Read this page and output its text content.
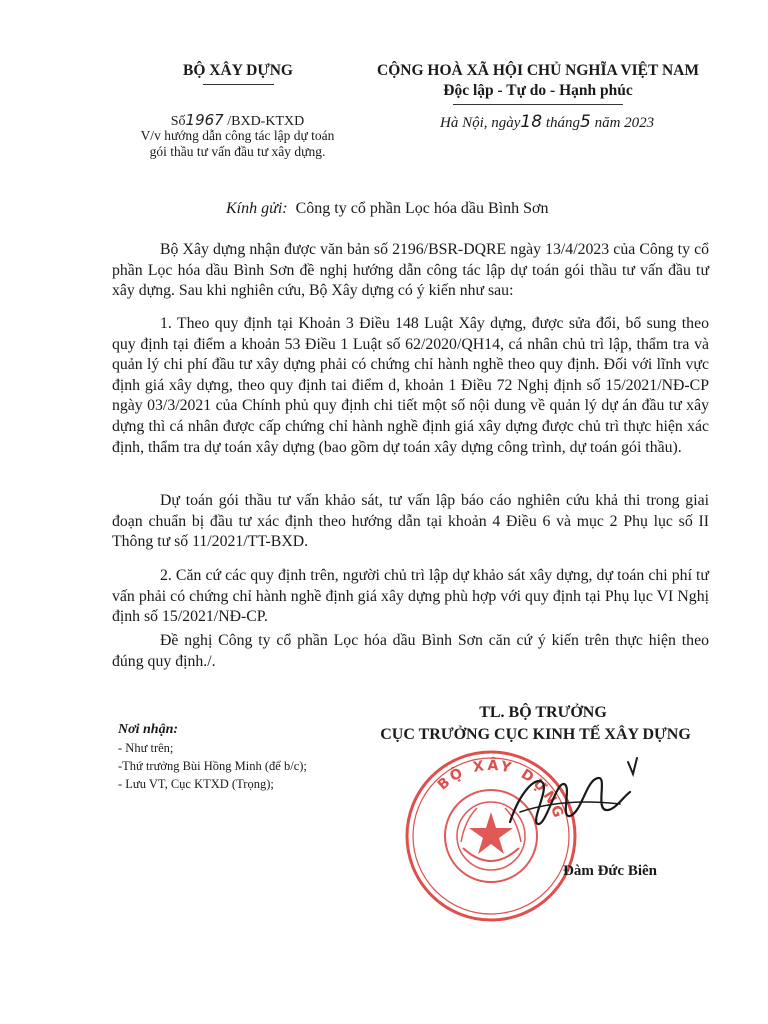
BỘ XÂY DỰNG	CỘNG HOÀ XÃ HỘI CHỦ NGHĨA VIỆT NAM
Độc lập - Tự do - Hạnh phúc
Số1967 /BXD-KTXD
V/v hướng dẫn công tác lập dự toán
gói thầu tư vấn đầu tư xây dựng.
Hà Nội, ngày18 tháng5 năm 2023
Kính gửi: Công ty cổ phần Lọc hóa dầu Bình Sơn
Bộ Xây dựng nhận được văn bản số 2196/BSR-DQRE ngày 13/4/2023 của Công ty cổ phần Lọc hóa dầu Bình Sơn đề nghị hướng dẫn công tác lập dự toán gói thầu tư vấn đầu tư xây dựng. Sau khi nghiên cứu, Bộ Xây dựng có ý kiến như sau:
1. Theo quy định tại Khoản 3 Điều 148 Luật Xây dựng, được sửa đổi, bổ sung theo quy định tại điểm a khoản 53 Điều 1 Luật số 62/2020/QH14, cá nhân chủ trì lập, thẩm tra và quản lý chi phí đầu tư xây dựng phải có chứng chỉ hành nghề theo quy định. Đối với lĩnh vực định giá xây dựng, theo quy định tai điểm d, khoản 1 Điều 72 Nghị định số 15/2021/NĐ-CP ngày 03/3/2021 của Chính phủ quy định chi tiết một số nội dung về quản lý dự án đầu tư xây dựng thì cá nhân được cấp chứng chỉ hành nghề định giá xây dựng được chủ trì thực hiện xác định, thẩm tra dự toán xây dựng (bao gồm dự toán xây dựng công trình, dự toán gói thầu).
Dự toán gói thầu tư vấn khảo sát, tư vấn lập báo cáo nghiên cứu khả thi trong giai đoạn chuẩn bị đầu tư xác định theo hướng dẫn tại khoản 4 Điều 6 và mục 2 Phụ lục số II Thông tư số 11/2021/TT-BXD.
2. Căn cứ các quy định trên, người chủ trì lập dự khảo sát xây dựng, dự toán chi phí tư vấn phải có chứng chỉ hành nghề định giá xây dựng phù hợp với quy định tại Phụ lục VI Nghị định số 15/2021/NĐ-CP.
Đề nghị Công ty cổ phần Lọc hóa dầu Bình Sơn căn cứ ý kiến trên thực hiện theo đúng quy định./.
TL. BỘ TRƯỞNG
CỤC TRƯỞNG CỤC KINH TẾ XÂY DỰNG
Nơi nhận:
- Như trên;
-Thứ trưởng Bùi Hồng Minh (để b/c);
- Lưu VT, Cục KTXD (Trọng);	BỘ XÂY DỰNG
Đàm Đức Biên
